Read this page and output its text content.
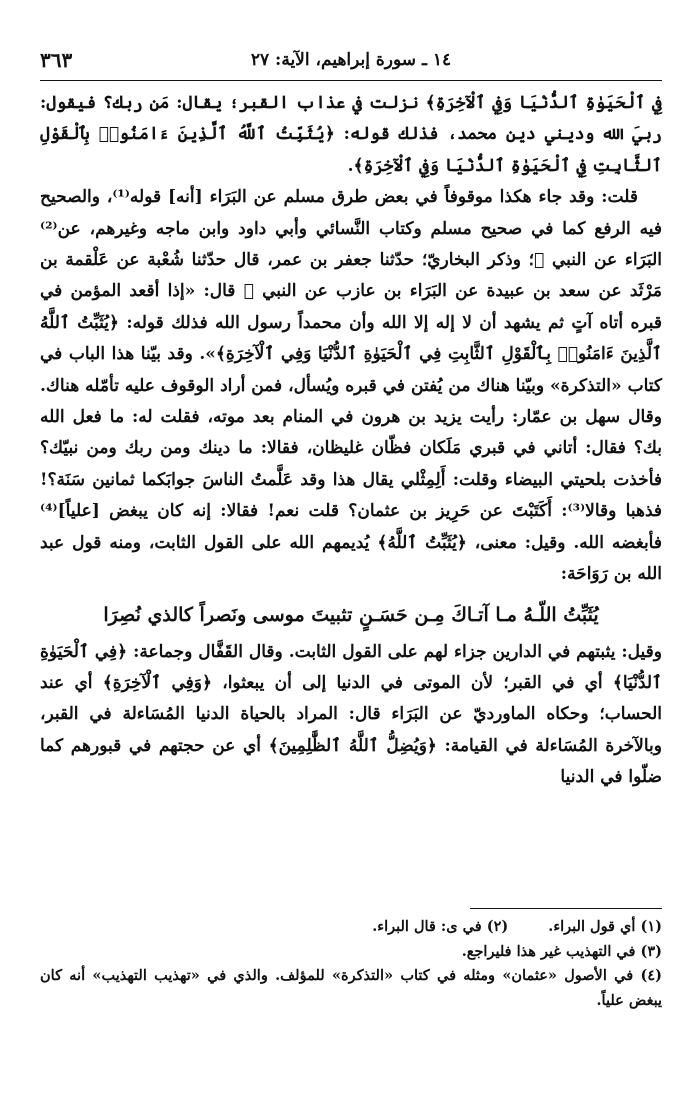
٣٦٣	١٤ ـ سورة إبراهيم، الآية: ٢٧

فِي ٱلْحَيَوٰةِ ٱلدُّنْيَا وَفِي ٱلْآخِرَةِ﴾ نزلت في عذاب القبر؛ يقال: مَن ربك؟ فيقول: ربيَ الله وديني دين محمد، فذلك قوله: ﴿يُثَبِّتُ ٱللَّهُ ٱلَّذِينَ ءَامَنُوا۟ بِٱلْقَوْلِ ٱلثَّابِتِ فِي ٱلْحَيَوٰةِ ٱلدُّنْيَا وَفِي ٱلْآخِرَةِ﴾.

قلت: وقد جاء هكذا موقوفاً في بعض طرق مسلم عن البَرَاء [أنه] قوله⁽¹⁾، والصحيح فيه الرفع كما في صحيح مسلم وكتاب النَّسائي وأبي داود وابن ماجه وغيرهم، عن⁽²⁾ البَرَاء عن النبي ﷺ؛ وذكر البخاريّ؛ حدّثنا جعفر بن عمر، قال حدّثنا شُعْبة عن عَلْقمة بن مَرْثَد عن سعد بن عبيدة عن البَرَاء بن عازب عن النبي ﷺ قال: «إذا أقعد المؤمن في قبره أتاه آتٍ ثم يشهد أن لا إله إلا الله وأن محمداً رسول الله فذلك قوله: ﴿يُثَبِّتُ ٱللَّهُ ٱلَّذِينَ ءَامَنُوا۟ بِٱلْقَوْلِ ٱلثَّابِتِ فِي ٱلْحَيَوٰةِ ٱلدُّنْيَا وَفِي ٱلْآخِرَةِ﴾». وقد بيّنا هذا الباب في كتاب «التذكرة» وبيّنا هناك من يُفتن في قبره ويُسأل، فمن أراد الوقوف عليه تأمّله هناك. وقال سهل بن عمّار: رأيت يزيد بن هرون في المنام بعد موته، فقلت له: ما فعل الله بك؟ فقال: أتاني في قبري مَلَكان فظّان غليظان، فقالا: ما دينك ومن ربك ومن نبيّك؟ فأخذت بلحيتي البيضاء وقلت: أَلِمِثْلي يقال هذا وقد عَلَّمتُ الناسَ جوابَكما ثمانين سَنَة؟! فذهبا وقالا⁽³⁾: أَكَتَبْتَ عن حَرِيز بن عثمان؟ قلت نعم! فقالا: إنه كان يبغض [علياً]⁽⁴⁾ فأبغضه الله. وقيل: معنى، ﴿يُثَبِّتُ ٱللَّهُ﴾ يُديمهم الله على القول الثابت، ومنه قول عبد الله بن رَوَاحَة:

يُثَبِّتُ اللّـهُ مـا آتـاكَ مِـن حَسَـنٍ
تثبيتَ موسى ونَصراً كالذي نُصِرَا

وقيل: يثبتهم في الدارين جزاء لهم على القول الثابت. وقال القَفَّال وجماعة: ﴿فِي ٱلْحَيَوٰةِ ٱلدُّنْيَا﴾ أي في القبر؛ لأن الموتى في الدنيا إلى أن يبعثوا، ﴿وَفِي ٱلْآخِرَةِ﴾ أي عند الحساب؛ وحكاه الماورديّ عن البَرَاء قال: المراد بالحياة الدنيا المُسَاءلة في القبر، وبالآخرة المُسَاءلة في القيامة: ﴿وَيُضِلُّ ٱللَّهُ ٱلظَّٰلِمِينَ﴾ أي عن حجتهم في قبورهم كما ضلّوا في الدنيا

(١) أي قول البراء.
(٢) في ى: قال البراء.

(٣) في التهذيب غير هذا فليراجع.

(٤) في الأصول «عثمان» ومثله في كتاب «التذكرة» للمؤلف. والذي في «تهذيب التهذيب» أنه كان يبغض علياً.
